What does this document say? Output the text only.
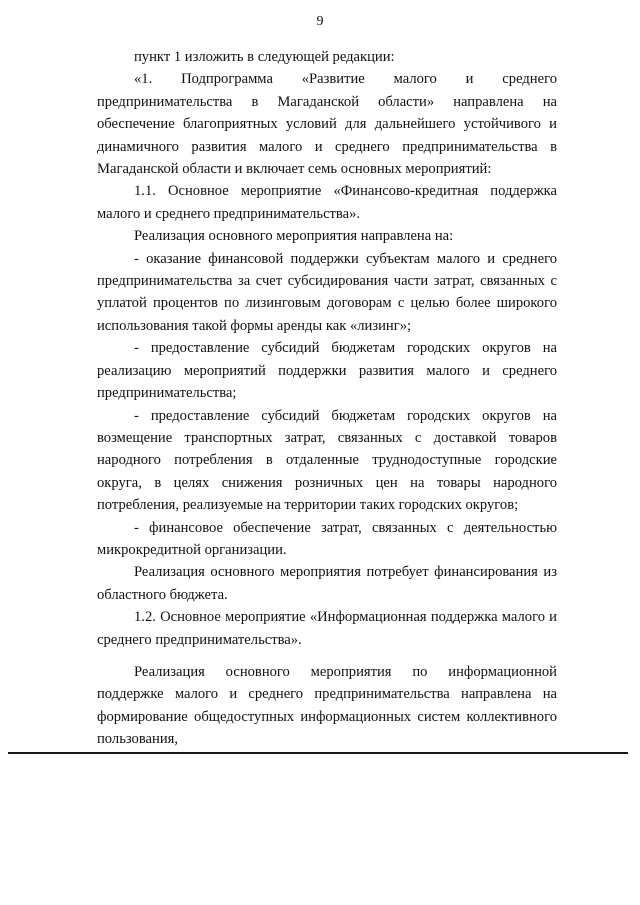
9

пункт 1 изложить в следующей редакции:

«1. Подпрограмма «Развитие малого и среднего предпринимательства в Магаданской области» направлена на обеспечение благоприятных условий для дальнейшего устойчивого и динамичного развития малого и среднего предпринимательства в Магаданской области и включает семь основных мероприятий:

1.1. Основное мероприятие «Финансово-кредитная поддержка малого и среднего предпринимательства».

Реализация основного мероприятия направлена на:

- оказание финансовой поддержки субъектам малого и среднего предпринимательства за счет субсидирования части затрат, связанных с уплатой процентов по лизинговым договорам с целью более широкого использования такой формы аренды как «лизинг»;

- предоставление субсидий бюджетам городских округов на реализацию мероприятий поддержки развития малого и среднего предпринимательства;

- предоставление субсидий бюджетам городских округов на возмещение транспортных затрат, связанных с доставкой товаров народного потребления в отдаленные труднодоступные городские округа, в целях снижения розничных цен на товары народного потребления, реализуемые на территории таких городских округов;

- финансовое обеспечение затрат, связанных с деятельностью микрокредитной организации.

Реализация основного мероприятия потребует финансирования из областного бюджета.

1.2. Основное мероприятие «Информационная поддержка малого и среднего предпринимательства».

Реализация основного мероприятия по информационной поддержке малого и среднего предпринимательства направлена на формирование общедоступных информационных систем коллективного пользования,
